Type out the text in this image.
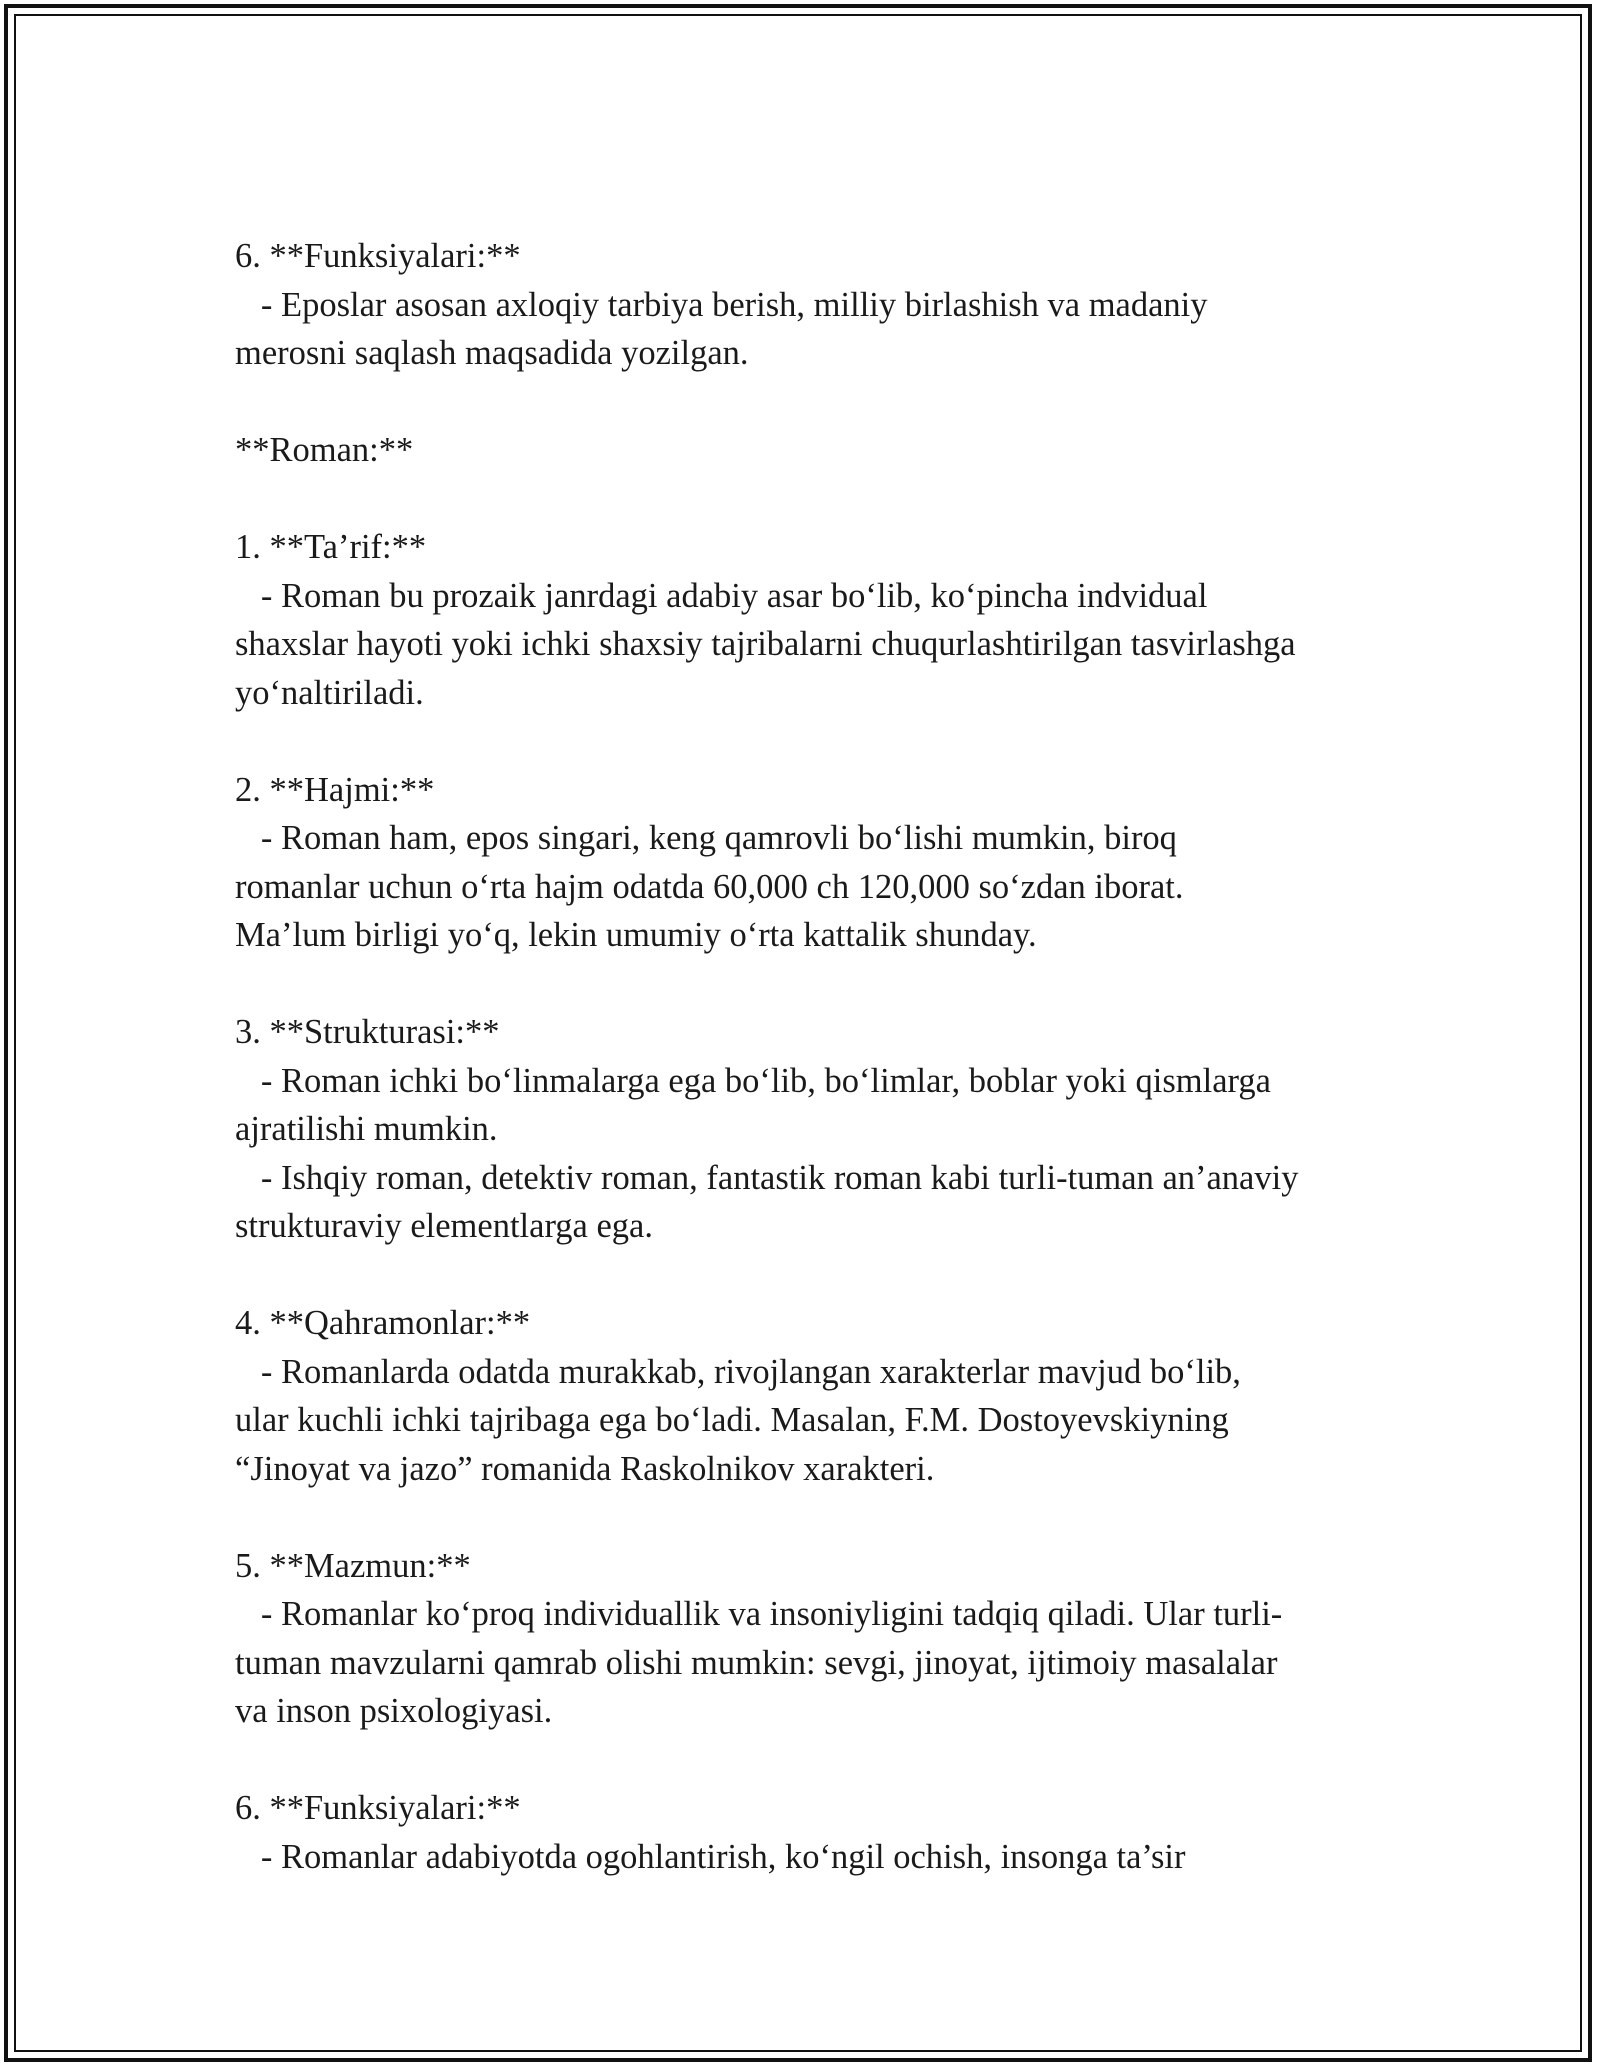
6. **Funksiyalari:**
- Eposlar asosan axloqiy tarbiya berish, milliy birlashish va madaniy
merosni saqlash maqsadida yozilgan.
**Roman:**
1. **Ta’rif:**
- Roman bu prozaik janrdagi adabiy asar bo‘lib, ko‘pincha indvidual
shaxslar hayoti yoki ichki shaxsiy tajribalarni chuqurlashtirilgan tasvirlashga
yo‘naltiriladi.
2. **Hajmi:**
- Roman ham, epos singari, keng qamrovli bo‘lishi mumkin, biroq
romanlar uchun o‘rta hajm odatda 60,000 ch 120,000 so‘zdan iborat.
Ma’lum birligi yo‘q, lekin umumiy o‘rta kattalik shunday.
3. **Strukturasi:**
- Roman ichki bo‘linmalarga ega bo‘lib, bo‘limlar, boblar yoki qismlarga
ajratilishi mumkin.
- Ishqiy roman, detektiv roman, fantastik roman kabi turli-tuman an’anaviy
strukturaviy elementlarga ega.
4. **Qahramonlar:**
- Romanlarda odatda murakkab, rivojlangan xarakterlar mavjud bo‘lib,
ular kuchli ichki tajribaga ega bo‘ladi. Masalan, F.M. Dostoyevskiyning
“Jinoyat va jazo” romanida Raskolnikov xarakteri.
5. **Mazmun:**
- Romanlar ko‘proq individuallik va insoniyligini tadqiq qiladi. Ular turli-
tuman mavzularni qamrab olishi mumkin: sevgi, jinoyat, ijtimoiy masalalar
va inson psixologiyasi.
6. **Funksiyalari:**
- Romanlar adabiyotda ogohlantirish, ko‘ngil ochish, insonga ta’sir
